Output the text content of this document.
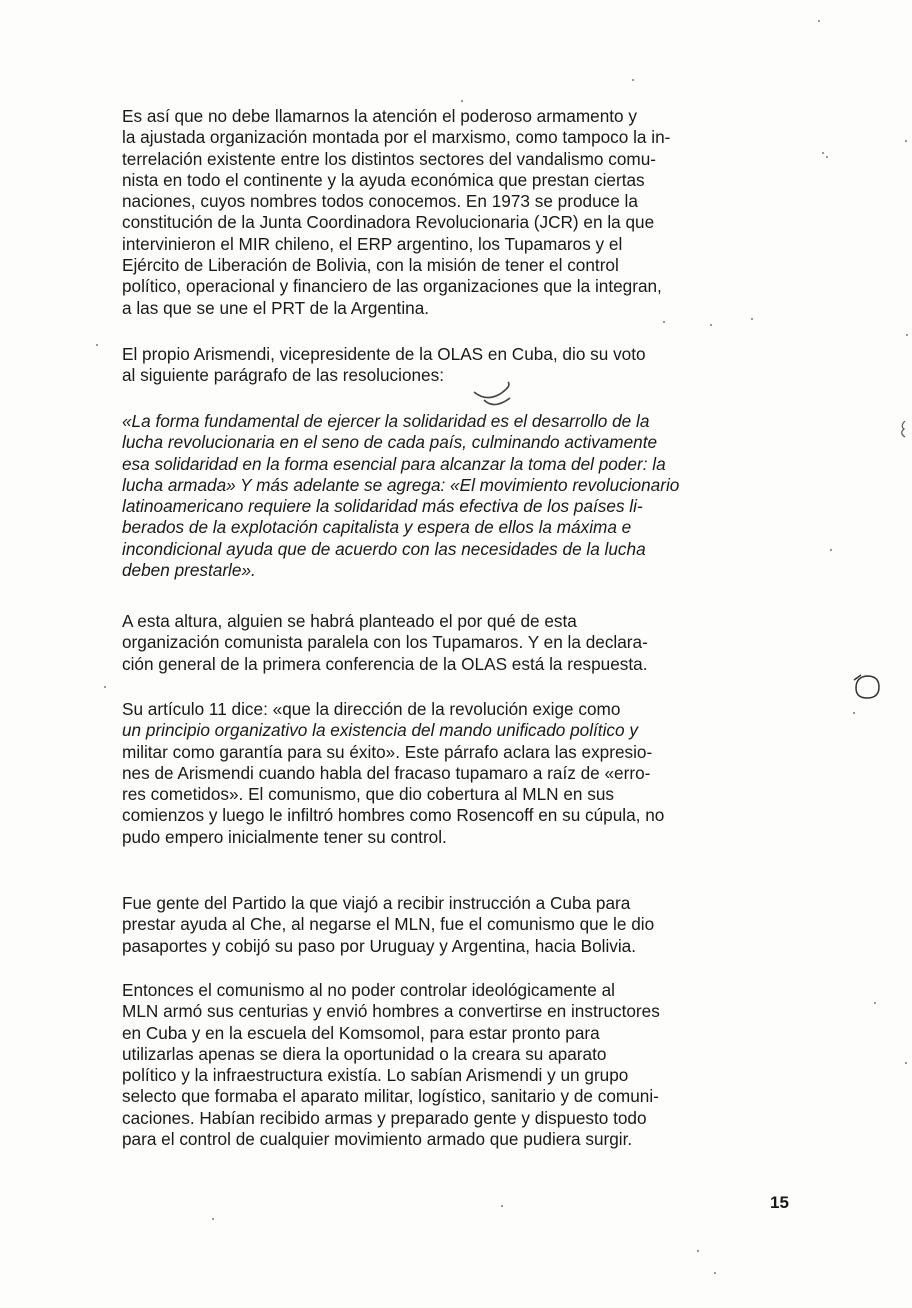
Es así que no debe llamarnos la atención el poderoso armamento y
la ajustada organización montada por el marxismo, como tampoco la in-
terrelación existente entre los distintos sectores del vandalismo comu-
nista en todo el continente y la ayuda económica que prestan ciertas
naciones, cuyos nombres todos conocemos. En 1973 se produce la
constitución de la Junta Coordinadora Revolucionaria (JCR) en la que
intervinieron el MIR chileno, el ERP argentino, los Tupamaros y el
Ejército de Liberación de Bolivia, con la misión de tener el control
político, operacional y financiero de las organizaciones que la integran,
a las que se une el PRT de la Argentina.

El propio Arismendi, vicepresidente de la OLAS en Cuba, dio su voto
al siguiente parágrafo de las resoluciones:

«La forma fundamental de ejercer la solidaridad es el desarrollo de la
lucha revolucionaria en el seno de cada país, culminando activamente
esa solidaridad en la forma esencial para alcanzar la toma del poder: la
lucha armada» Y más adelante se agrega: «El movimiento revolucionario
latinoamericano requiere la solidaridad más efectiva de los países li-
berados de la explotación capitalista y espera de ellos la máxima e
incondicional ayuda que de acuerdo con las necesidades de la lucha
deben prestarle».

A esta altura, alguien se habrá planteado el por qué de esta
organización comunista paralela con los Tupamaros. Y en la declara-
ción general de la primera conferencia de la OLAS está la respuesta.

Su artículo 11 dice: «que la dirección de la revolución exige como
un principio organizativo la existencia del mando unificado político y
militar como garantía para su éxito». Este párrafo aclara las expresio-
nes de Arismendi cuando habla del fracaso tupamaro a raíz de «erro-
res cometidos». El comunismo, que dio cobertura al MLN en sus
comienzos y luego le infiltró hombres como Rosencoff en su cúpula, no
pudo empero inicialmente tener su control.

Fue gente del Partido la que viajó a recibir instrucción a Cuba para
prestar ayuda al Che, al negarse el MLN, fue el comunismo que le dio
pasaportes y cobijó su paso por Uruguay y Argentina, hacia Bolivia.

Entonces el comunismo al no poder controlar ideológicamente al
MLN armó sus centurias y envió hombres a convertirse en instructores
en Cuba y en la escuela del Komsomol, para estar pronto para
utilizarlas apenas se diera la oportunidad o la creara su aparato
político y la infraestructura existía. Lo sabían Arismendi y un grupo
selecto que formaba el aparato militar, logístico, sanitario y de comuni-
caciones. Habían recibido armas y preparado gente y dispuesto todo
para el control de cualquier movimiento armado que pudiera surgir.

15
